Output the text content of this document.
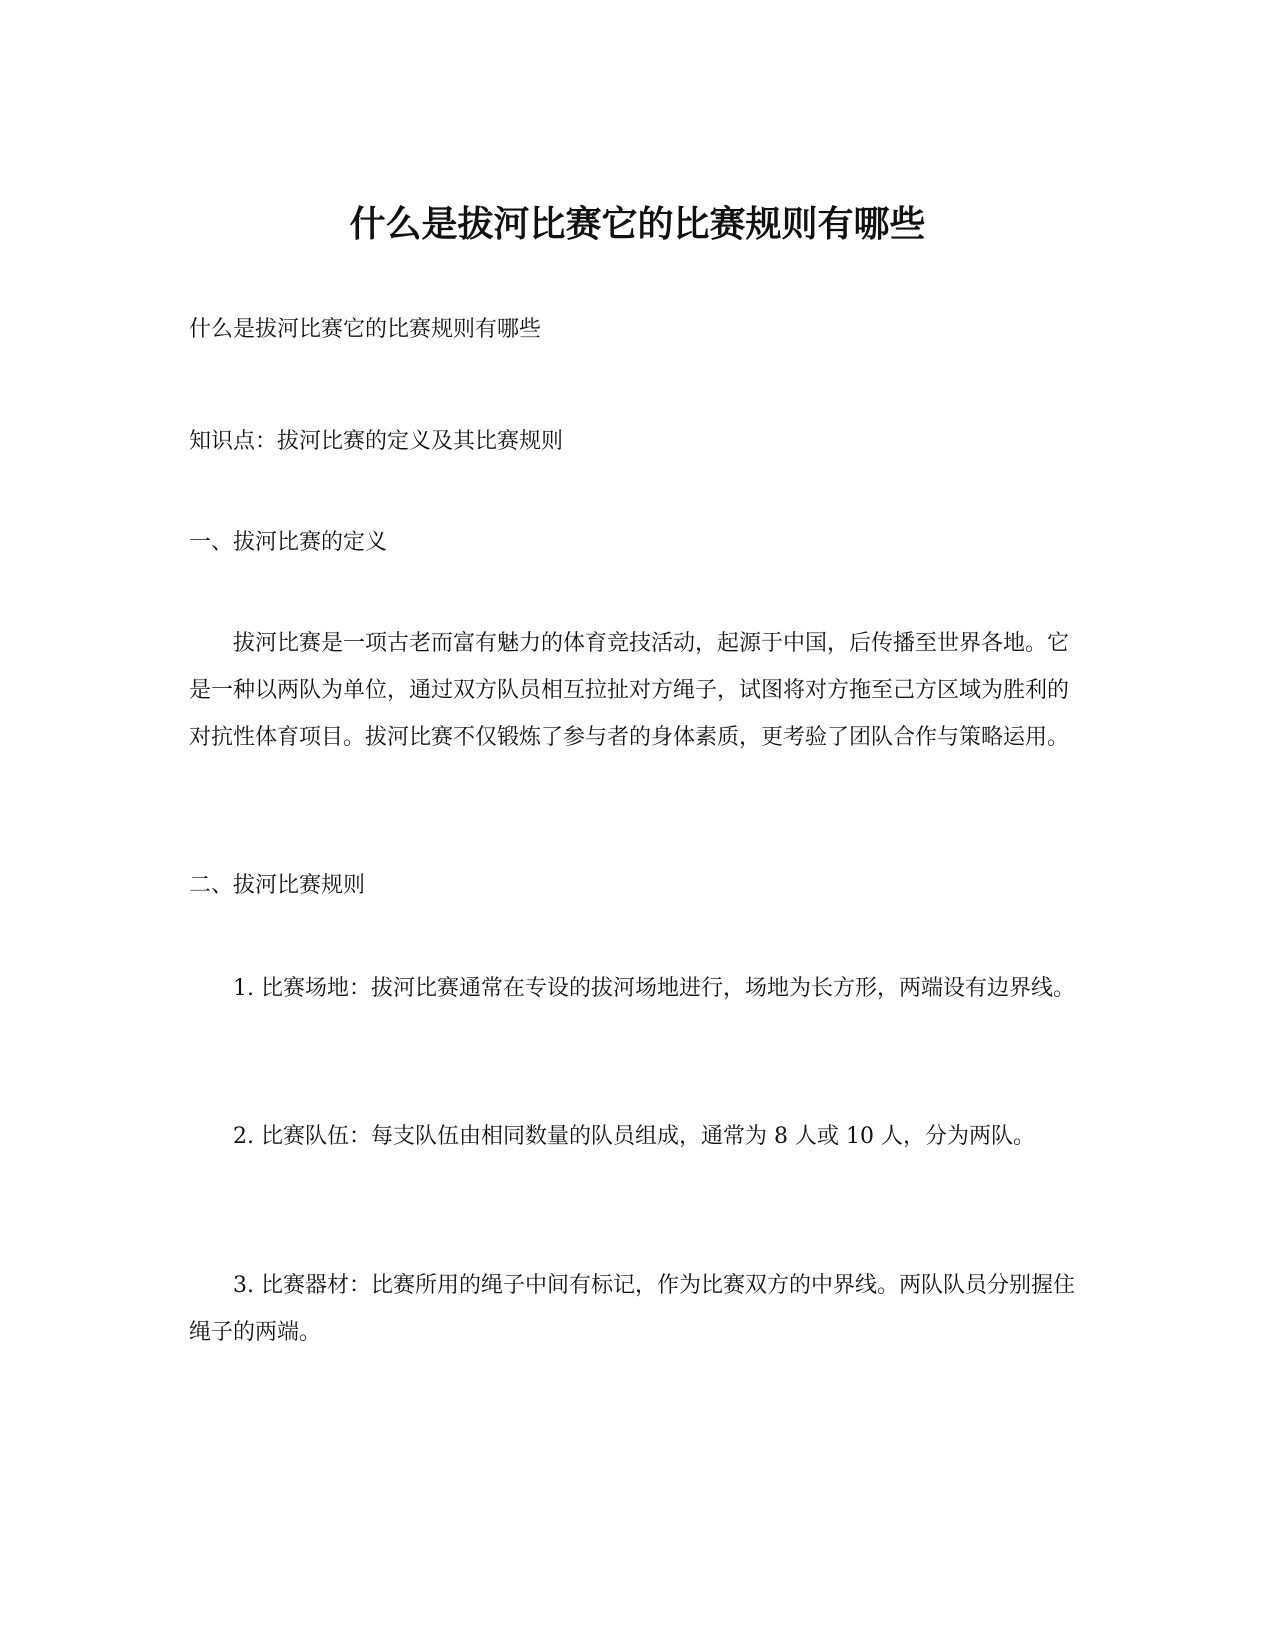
什么是拔河比赛它的比赛规则有哪些
什么是拔河比赛它的比赛规则有哪些
知识点：拔河比赛的定义及其比赛规则
一、拔河比赛的定义
拔河比赛是一项古老而富有魅力的体育竞技活动，起源于中国，后传播至世界各地。它是一种以两队为单位，通过双方队员相互拉扯对方绳子，试图将对方拖至己方区域为胜利的对抗性体育项目。拔河比赛不仅锻炼了参与者的身体素质，更考验了团队合作与策略运用。
二、拔河比赛规则
1. 比赛场地：拔河比赛通常在专设的拔河场地进行，场地为长方形，两端设有边界线。
2. 比赛队伍：每支队伍由相同数量的队员组成，通常为 8 人或 10 人，分为两队。
3. 比赛器材：比赛所用的绳子中间有标记，作为比赛双方的中界线。两队队员分别握住绳子的两端。
